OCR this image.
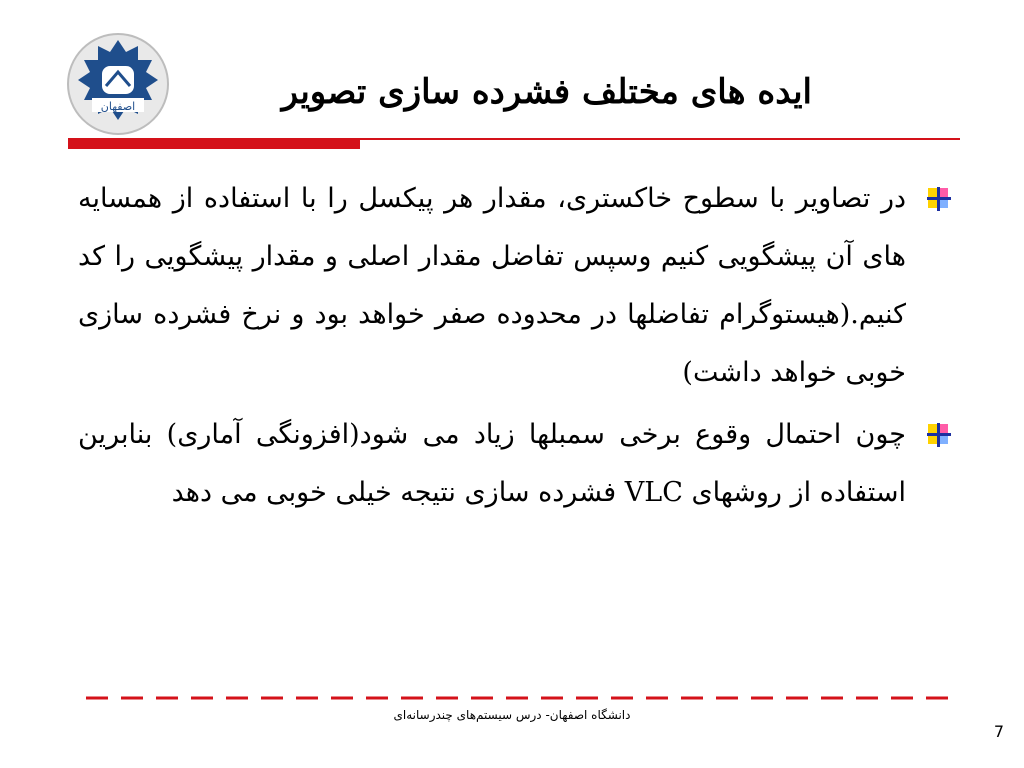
اصفهان	ایده های مختلف فشرده سازی تصویر
در تصاویر با سطوح خاکستری، مقدار هر پیکسل را با استفاده از همسایه های آن پیشگویی کنیم وسپس تفاضل مقدار اصلی و مقدار پیشگویی را کد کنیم.(هیستوگرام تفاضلها در محدوده صفر خواهد بود و نرخ فشرده سازی خوبی خواهد داشت)
چون احتمال وقوع برخی سمبلها زیاد می شود(افزونگی آماری) بنابرین استفاده از روشهای VLC فشرده سازی نتیجه خیلی خوبی می دهد
دانشگاه اصفهان- درس سیستم‌های چندرسانه‌ای
7
